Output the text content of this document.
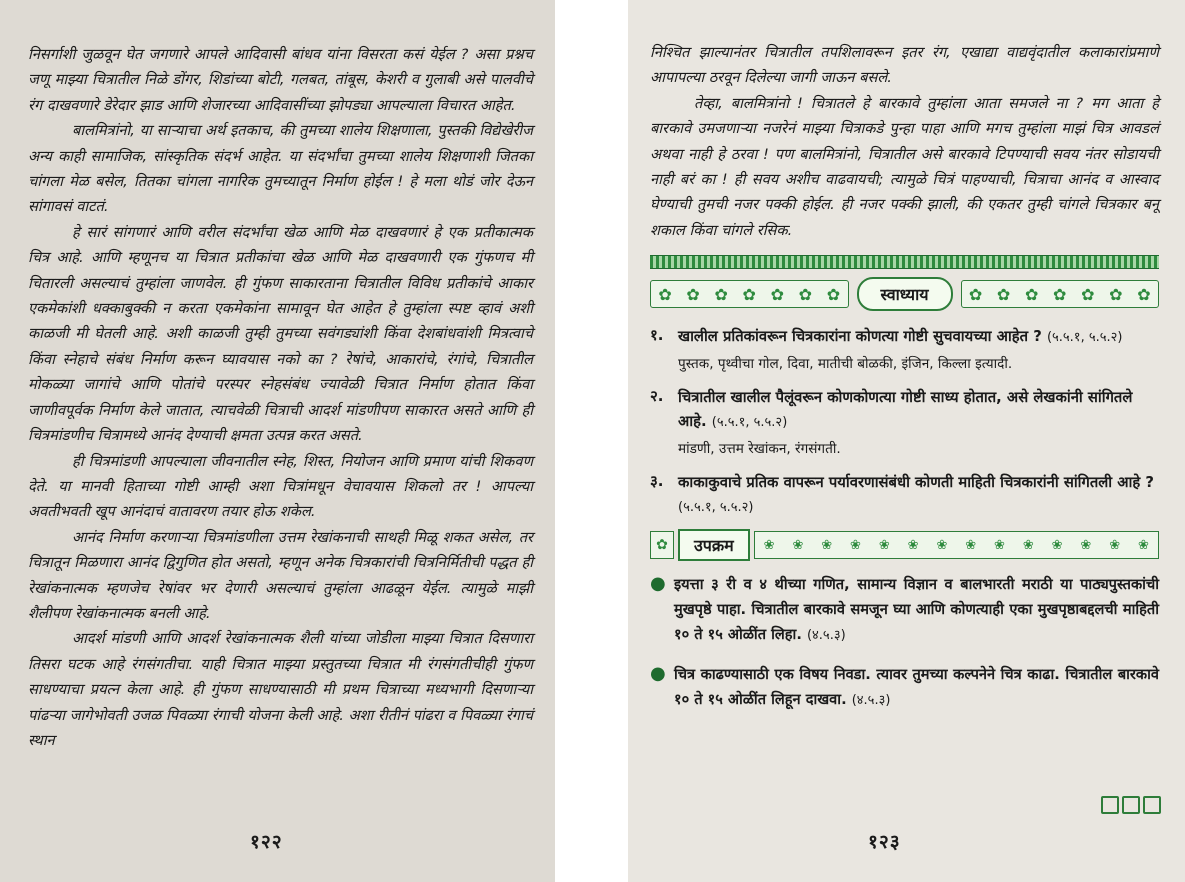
निसर्गाशी जुळवून घेत जगणारे आपले आदिवासी बांधव यांना विसरता कसं येईल ? असा प्रश्नच जणू माझ्या चित्रातील निळे डोंगर, शिडांच्या बोटी, गलबत, तांबूस, केशरी व गुलाबी असे पालवीचे रंग दाखवणारे डेरेदार झाड आणि शेजारच्या आदिवासींच्या झोपड्या आपल्याला विचारत आहेत.

बालमित्रांनो, या साऱ्याचा अर्थ इतकाच, की तुमच्या शालेय शिक्षणाला, पुस्तकी विद्येखेरीज अन्य काही सामाजिक, सांस्कृतिक संदर्भ आहेत. या संदर्भांचा तुमच्या शालेय शिक्षणाशी जितका चांगला मेळ बसेल, तितका चांगला नागरिक तुमच्यातून निर्माण होईल ! हे मला थोडं जोर देऊन सांगावसं वाटतं.

हे सारं सांगणारं आणि वरील संदर्भांचा खेळ आणि मेळ दाखवणारं हे एक प्रतीकात्मक चित्र आहे. आणि म्हणूनच या चित्रात प्रतीकांचा खेळ आणि मेळ दाखवणारी एक गुंफणच मी चितारली असल्याचं तुम्हांला जाणवेल. ही गुंफण साकारताना चित्रातील विविध प्रतीकांचे आकार एकमेकांशी धक्काबुक्की न करता एकमेकांना सामावून घेत आहेत हे तुम्हांला स्पष्ट व्हावं अशी काळजी मी घेतली आहे. अशी काळजी तुम्ही तुमच्या सवंगड्यांशी किंवा देशबांधवांशी मित्रत्वाचे किंवा स्नेहाचे संबंध निर्माण करून घ्यावयास नको का ? रेषांचे, आकारांचे, रंगांचे, चित्रातील मोकळ्या जागांचे आणि पोतांचे परस्पर स्नेहसंबंध ज्यावेळी चित्रात निर्माण होतात किंवा जाणीवपूर्वक निर्माण केले जातात, त्याचवेळी चित्राची आदर्श मांडणीपण साकारत असते आणि ही चित्रमांडणीच चित्रामध्ये आनंद देण्याची क्षमता उत्पन्न करत असते.

ही चित्रमांडणी आपल्याला जीवनातील स्नेह, शिस्त, नियोजन आणि प्रमाण यांची शिकवण देते. या मानवी हिताच्या गोष्टी आम्ही अशा चित्रांमधून वेचावयास शिकलो तर ! आपल्या अवतीभवती खूप आनंदाचं वातावरण तयार होऊ शकेल.

आनंद निर्माण करणाऱ्या चित्रमांडणीला उत्तम रेखांकनाची साथही मिळू शकत असेल, तर चित्रातून मिळणारा आनंद द्विगुणित होत असतो, म्हणून अनेक चित्रकारांची चित्रनिर्मितीची पद्धत ही रेखांकनात्मक म्हणजेच रेषांवर भर देणारी असल्याचं तुम्हांला आढळून येईल. त्यामुळे माझी शैलीपण रेखांकनात्मक बनली आहे.

आदर्श मांडणी आणि आदर्श रेखांकनात्मक शैली यांच्या जोडीला माझ्या चित्रात दिसणारा तिसरा घटक आहे रंगसंगतीचा. याही चित्रात माझ्या प्रस्तुतच्या चित्रात मी रंगसंगतीचीही गुंफण साधण्याचा प्रयत्न केला आहे. ही गुंफण साधण्यासाठी मी प्रथम चित्राच्या मध्यभागी दिसणाऱ्या पांढऱ्या जागेभोवती उजळ पिवळ्या रंगाची योजना केली आहे. अशा रीतीनं पांढरा व पिवळ्या रंगाचं स्थान

१२२

निश्चित झाल्यानंतर चित्रातील तपशिलावरून इतर रंग, एखाद्या वाद्यवृंदातील कलाकारांप्रमाणे आपापल्या ठरवून दिलेल्या जागी जाऊन बसले.

तेव्हा, बालमित्रांनो ! चित्रातले हे बारकावे तुम्हांला आता समजले ना ? मग आता हे बारकावे उमजणाऱ्या नजरेनं माझ्या चित्राकडे पुन्हा पाहा आणि मगच तुम्हांला माझं चित्र आवडलं अथवा नाही हे ठरवा ! पण बालमित्रांनो, चित्रातील असे बारकावे टिपण्याची सवय नंतर सोडायची नाही बरं का ! ही सवय अशीच वाढवायची; त्यामुळे चित्रं पाहण्याची, चित्राचा आनंद व आस्वाद घेण्याची तुमची नजर पक्की होईल. ही नजर पक्की झाली, की एकतर तुम्ही चांगले चित्रकार बनू शकाल किंवा चांगले रसिक.

✿ ✿ ✿ ✿ ✿ ✿ ✿	स्वाध्याय	✿ ✿ ✿ ✿ ✿ ✿ ✿
१. खालील प्रतिकांवरून चित्रकारांना कोणत्या गोष्टी सुचवायच्या आहेत ? (५.५.१, ५.५.२)
पुस्तक, पृथ्वीचा गोल, दिवा, मातीची बोळकी, इंजिन, किल्ला इत्यादी.
२. चित्रातील खालील पैलूंवरून कोणकोणत्या गोष्टी साध्य होतात, असे लेखकांनी सांगितले आहे. (५.५.१, ५.५.२)
मांडणी, उत्तम रेखांकन, रंगसंगती.
३. काकाकुवाचे प्रतिक वापरून पर्यावरणासंबंधी कोणती माहिती चित्रकारांनी सांगितली आहे ? (५.५.१, ५.५.२)
✿	उपक्रम	❀ ❀ ❀ ❀ ❀ ❀ ❀ ❀ ❀ ❀ ❀ ❀ ❀ ❀
● इयत्ता ३ री व ४ थीच्या गणित, सामान्य विज्ञान व बालभारती मराठी या पाठ्यपुस्तकांची मुखपृष्ठे पाहा. चित्रातील बारकावे समजून घ्या आणि कोणत्याही एका मुखपृष्ठाबद्दलची माहिती १० ते १५ ओळींत लिहा. (४.५.३)
● चित्र काढण्यासाठी एक विषय निवडा. त्यावर तुमच्या कल्पनेने चित्र काढा. चित्रातील बारकावे १० ते १५ ओळींत लिहून दाखवा. (४.५.३)
१२३
